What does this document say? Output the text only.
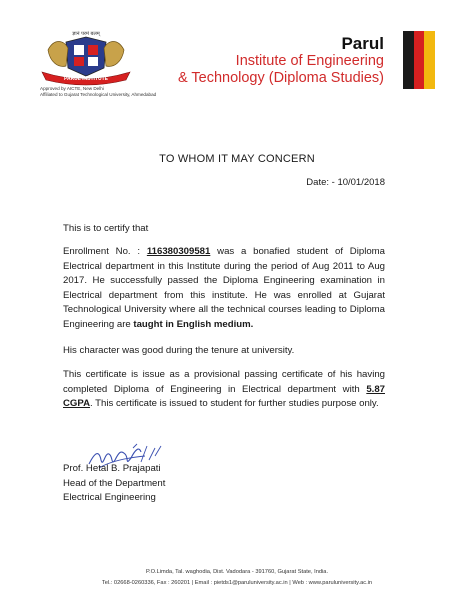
ज्ञानं परमं बलम्
PARUL INSTITUTE
Approved by AICTE, New Delhi
Affiliated to Gujarat Technological University, Ahmedabad
Parul
Institute of Engineering
& Technology (Diploma Studies)
TO WHOM IT MAY CONCERN
Date: - 10/01/2018
This is to certify that
Enrollment No. : 116380309581 was a bonafied student of Diploma Electrical department in this Institute during the period of Aug 2011 to Aug 2017. He successfully passed the Diploma Engineering examination in Electrical department from this institute. He was enrolled at Gujarat Technological University where all the technical courses leading to Diploma Engineering are taught in English medium.
His character was good during the tenure at university.
This certificate is issue as a provisional passing certificate of his having completed Diploma of Engineering in Electrical department with 5.87 CGPA. This certificate is issued to student for further studies purpose only.
Prof. Hetal B. Prajapati
Head of the Department
Electrical Engineering
P.O.Limda, Tal. waghodia, Dist. Vadodara - 391760, Gujarat State, India.
Tel.: 02668-0260336, Fax : 260201 | Email : pietds1@paruluniversity.ac.in | Web : www.paruluniversity.ac.in
